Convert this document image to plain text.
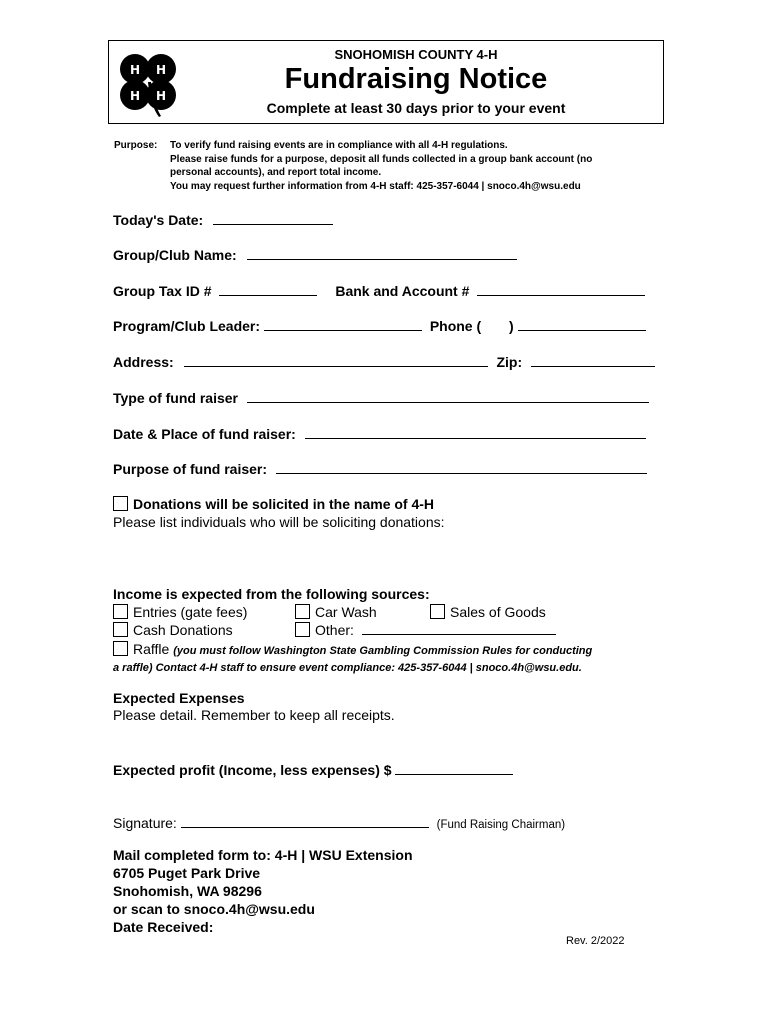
H H
H H
SNOHOMISH COUNTY 4-H
Fundraising Notice
Complete at least 30 days prior to your event
Purpose: To verify fund raising events are in compliance with all 4-H regulations.
Please raise funds for a purpose, deposit all funds collected in a group bank account (no
personal accounts), and report total income.
You may request further information from 4-H staff: 425-357-6044 | snoco.4h@wsu.edu
Today's Date:
Group/Club Name:
Group Tax ID #	Bank and Account #
Program/Club Leader:	Phone ( )
Address:	Zip:
Type of fund raiser
Date & Place of fund raiser:
Purpose of fund raiser:
Donations will be solicited in the name of 4-H
Please list individuals who will be soliciting donations:
Income is expected from the following sources:
Entries (gate fees)	Car Wash	Sales of Goods
Cash Donations	Other:
Raffle (you must follow Washington State Gambling Commission Rules for conducting
a raffle) Contact 4-H staff to ensure event compliance: 425-357-6044 | snoco.4h@wsu.edu.
Expected Expenses
Please detail. Remember to keep all receipts.
Expected profit (Income, less expenses) $
Signature:	(Fund Raising Chairman)
Mail completed form to: 4-H | WSU Extension
6705 Puget Park Drive
Snohomish, WA 98296
or scan to snoco.4h@wsu.edu
Date Received:
Rev. 2/2022
